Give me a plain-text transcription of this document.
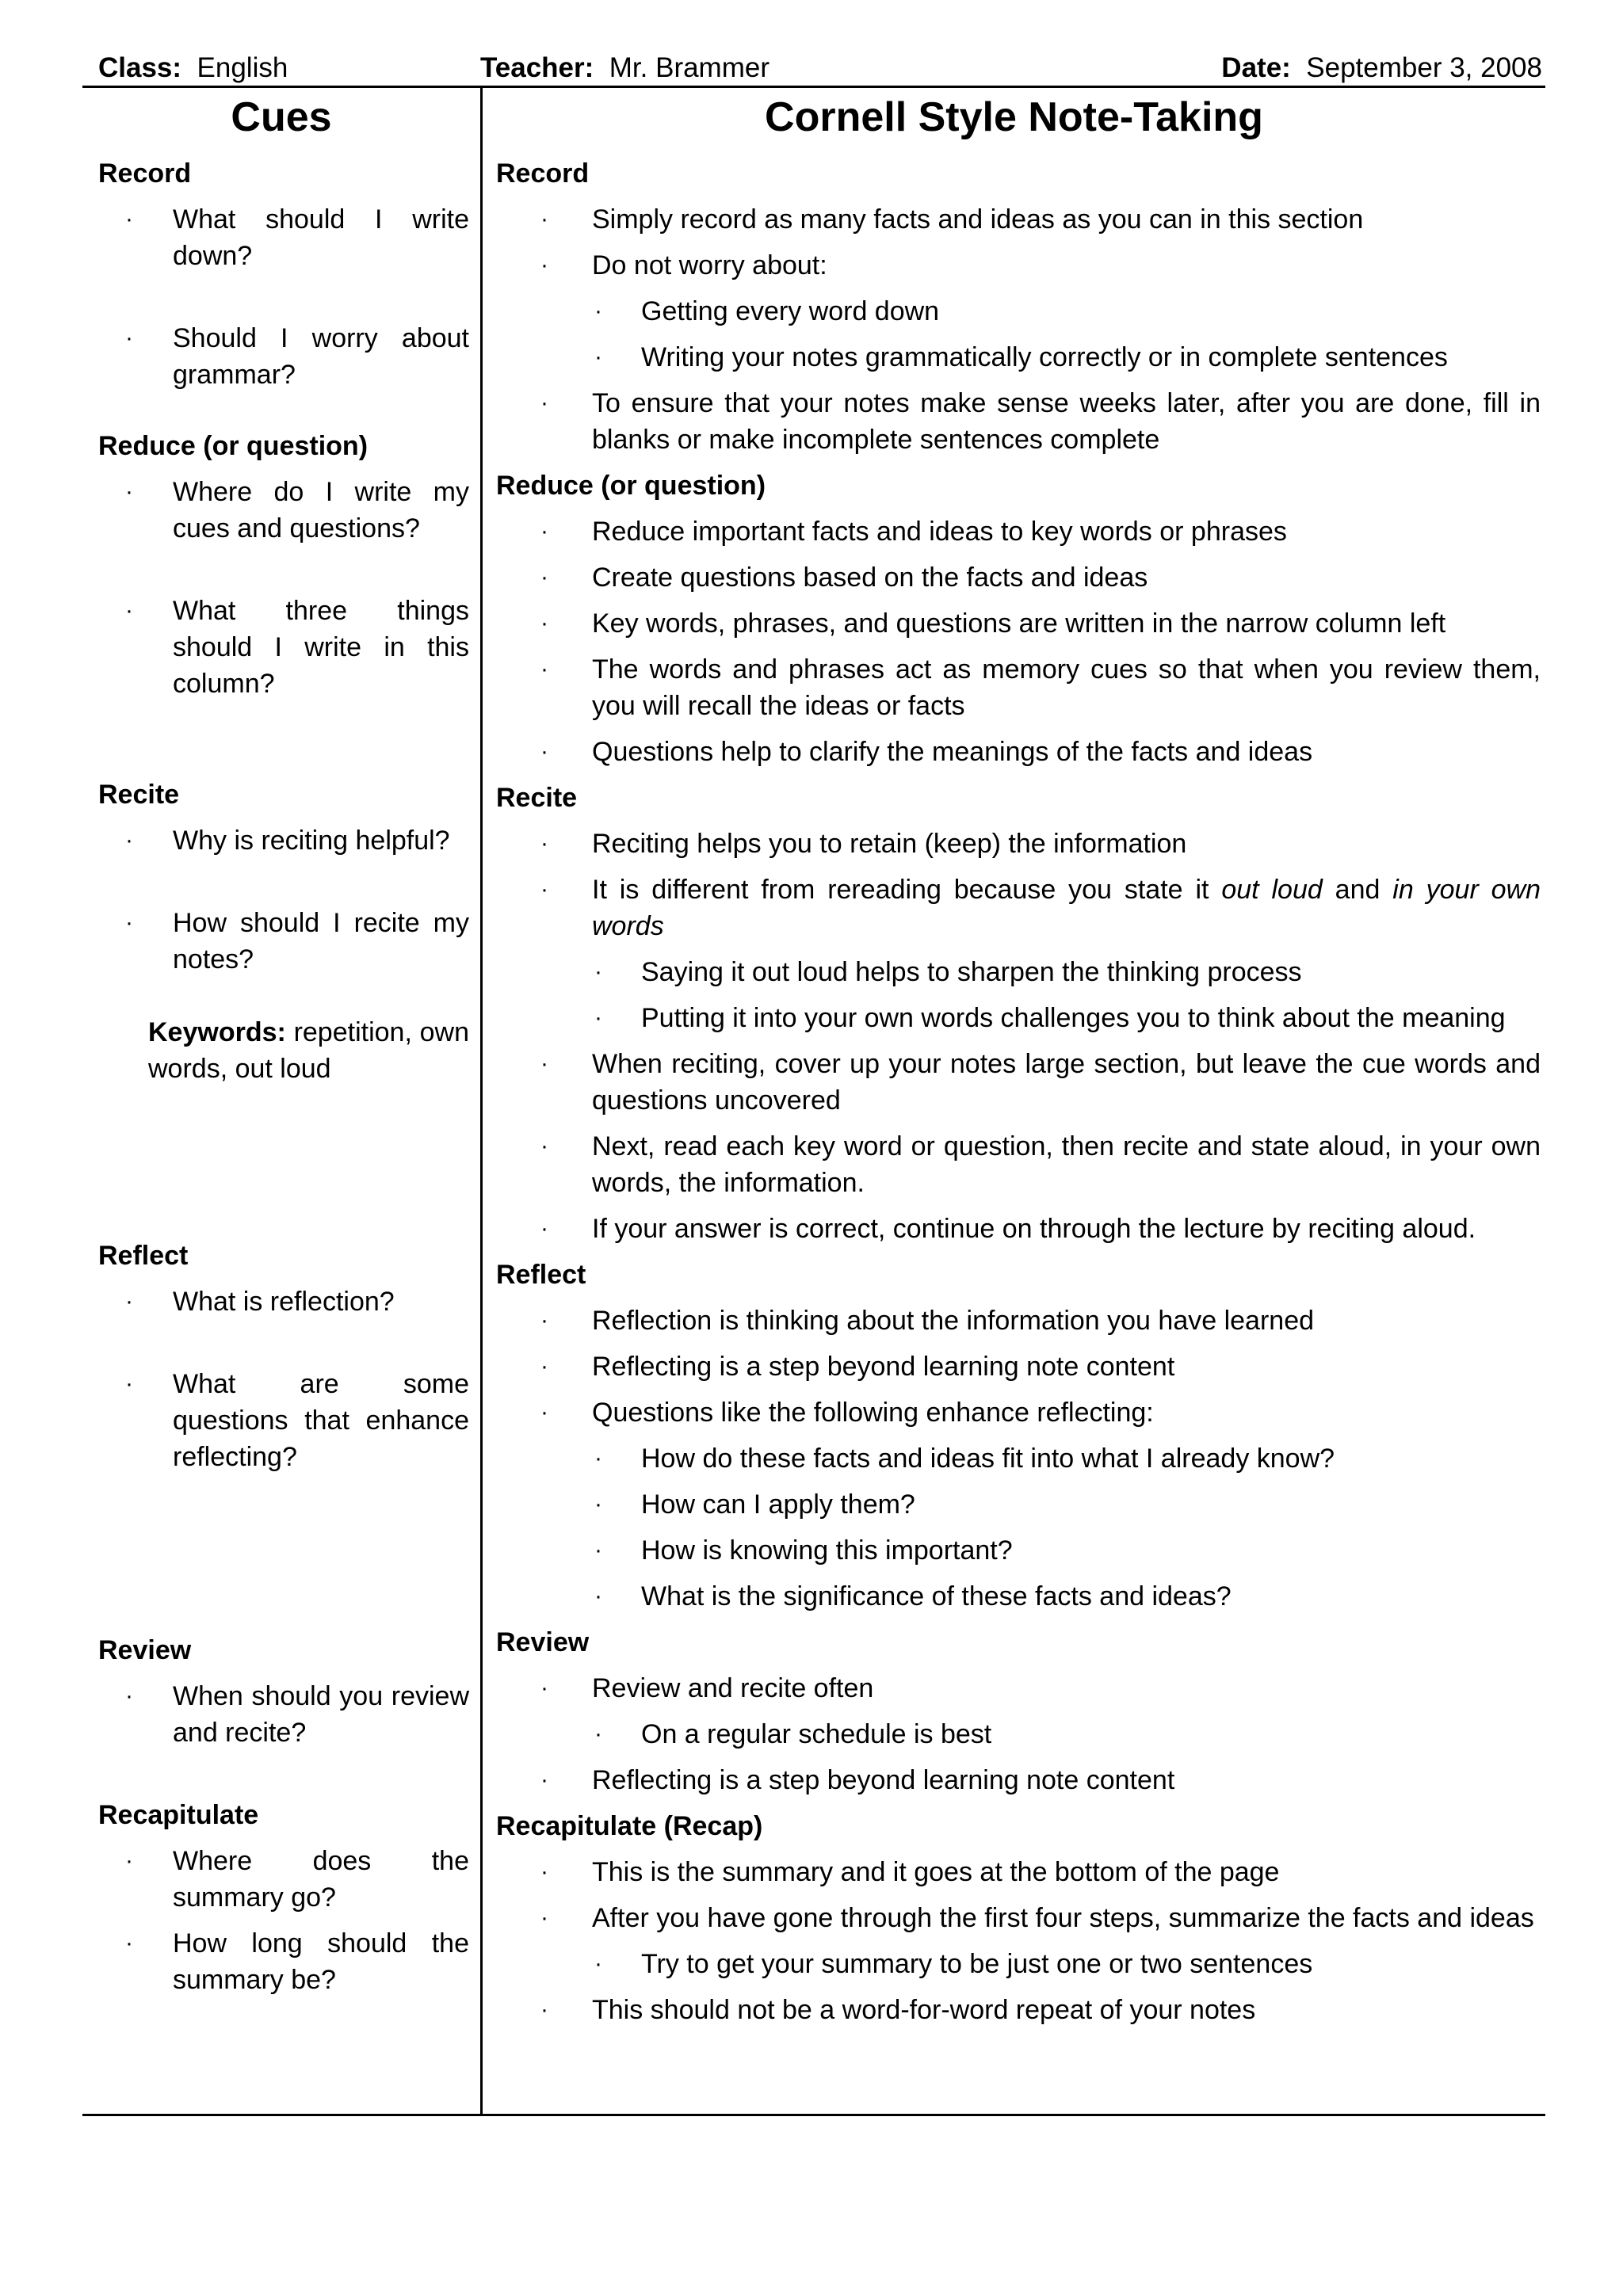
Class: English	Teacher: Mr. Brammer	Date: September 3, 2008
Cues	Cornell Style Note-Taking
Record
· What should I write down?
· Should I worry about grammar?
Reduce (or question)
· Where do I write my cues and questions?
· What three things should I write in this column?
Recite
· Why is reciting helpful?
· How should I recite my notes?
Keywords: repetition, own words, out loud
Reflect
· What is reflection?
· What are some questions that enhance reflecting?
Review
· When should you review and recite?
Recapitulate
· Where does the summary go?
· How long should the summary be?
Record
· Simply record as many facts and ideas as you can in this section
· Do not worry about:
· Getting every word down
· Writing your notes grammatically correctly or in complete sentences
· To ensure that your notes make sense weeks later, after you are done, fill in blanks or make incomplete sentences complete
Reduce (or question)
· Reduce important facts and ideas to key words or phrases
· Create questions based on the facts and ideas
· Key words, phrases, and questions are written in the narrow column left
· The words and phrases act as memory cues so that when you review them, you will recall the ideas or facts
· Questions help to clarify the meanings of the facts and ideas
Recite
· Reciting helps you to retain (keep) the information
· It is different from rereading because you state it out loud and in your own words
· Saying it out loud helps to sharpen the thinking process
· Putting it into your own words challenges you to think about the meaning
· When reciting, cover up your notes large section, but leave the cue words and questions uncovered
· Next, read each key word or question, then recite and state aloud, in your own words, the information.
· If your answer is correct, continue on through the lecture by reciting aloud.
Reflect
· Reflection is thinking about the information you have learned
· Reflecting is a step beyond learning note content
· Questions like the following enhance reflecting:
· How do these facts and ideas fit into what I already know?
· How can I apply them?
· How is knowing this important?
· What is the significance of these facts and ideas?
Review
· Review and recite often
· On a regular schedule is best
· Reflecting is a step beyond learning note content
Recapitulate (Recap)
· This is the summary and it goes at the bottom of the page
· After you have gone through the first four steps, summarize the facts and ideas
· Try to get your summary to be just one or two sentences
· This should not be a word-for-word repeat of your notes
